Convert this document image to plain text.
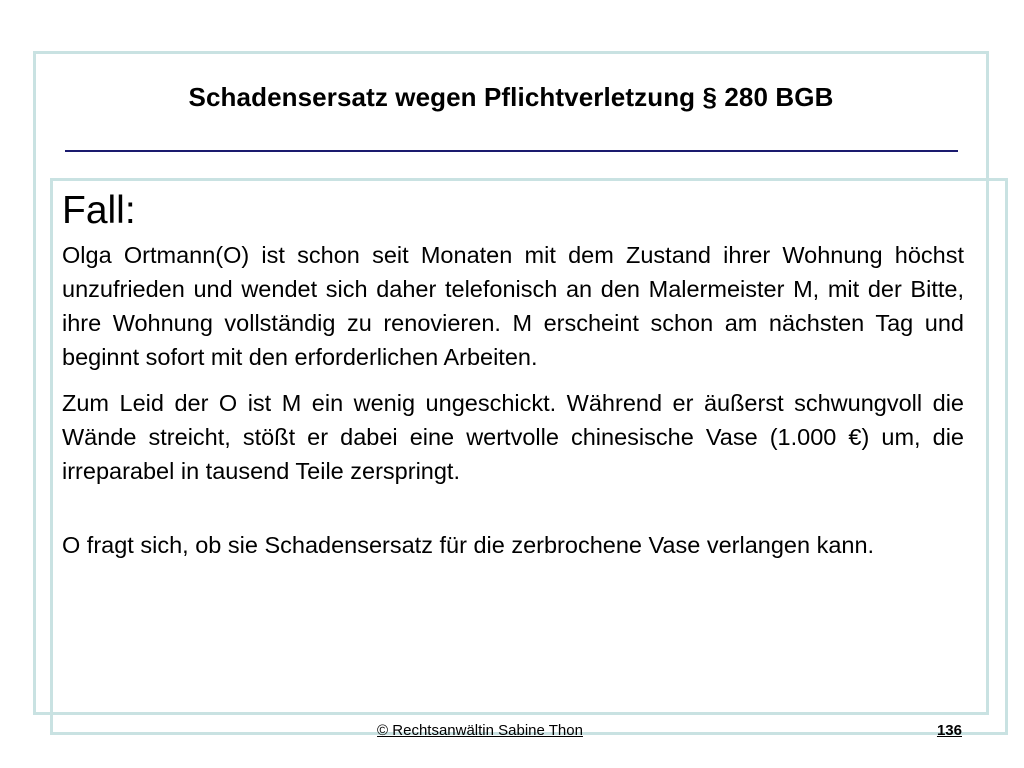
Schadensersatz wegen Pflichtverletzung § 280 BGB
Fall:

Olga Ortmann(O) ist schon seit Monaten mit dem Zustand ihrer Wohnung höchst unzufrieden und wendet sich daher telefonisch an den Malermeister M, mit der Bitte, ihre Wohnung vollständig zu renovieren. M erscheint schon am nächsten Tag und beginnt sofort mit den erforderlichen Arbeiten.

Zum Leid der O ist M ein wenig ungeschickt. Während er äußerst schwungvoll die Wände streicht, stößt er dabei eine wertvolle chinesische Vase (1.000 €) um, die irreparabel in tausend Teile zerspringt.

O fragt sich, ob sie Schadensersatz für die zerbrochene Vase verlangen kann.

© Rechtsanwältin Sabine Thon	136
